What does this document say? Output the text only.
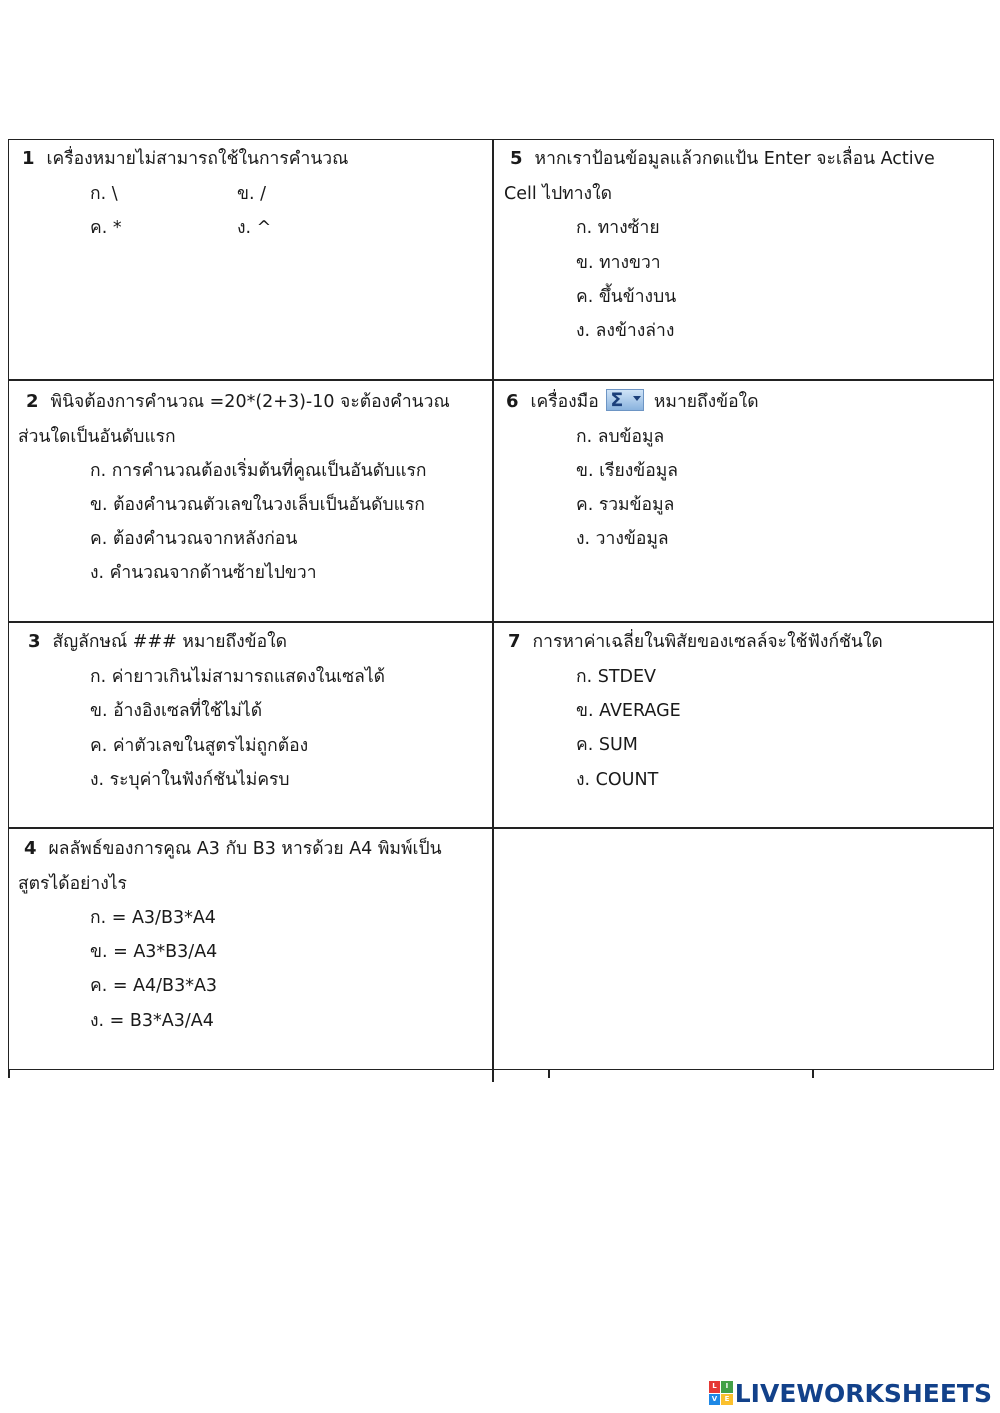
1 เครื่องหมายไม่สามารถใช้ในการคำนวณ
ก. \	ข. /
ค. *	ง. ^
5 หากเราป้อนข้อมูลแล้วกดแป้น Enter จะเลื่อน Active
Cell ไปทางใด
ก. ทางซ้าย
ข. ทางขวา
ค. ขึ้นข้างบน
ง. ลงข้างล่าง
2 พินิจต้องการคำนวณ =20*(2+3)-10 จะต้องคำนวณ
ส่วนใดเป็นอันดับแรก
ก. การคำนวณต้องเริ่มต้นที่คูณเป็นอันดับแรก
ข. ต้องคำนวณตัวเลขในวงเล็บเป็นอันดับแรก
ค. ต้องคำนวณจากหลังก่อน
ง. คำนวณจากด้านซ้ายไปขวา
6 เครื่องมือ Σ หมายถึงข้อใด
ก. ลบข้อมูล
ข. เรียงข้อมูล
ค. รวมข้อมูล
ง. วางข้อมูล
3 สัญลักษณ์ ### หมายถึงข้อใด
ก. ค่ายาวเกินไม่สามารถแสดงในเซลได้
ข. อ้างอิงเซลที่ใช้ไม่ได้
ค. ค่าตัวเลขในสูตรไม่ถูกต้อง
ง. ระบุค่าในฟังก์ชันไม่ครบ
7 การหาค่าเฉลี่ยในพิสัยของเซลล์จะใช้ฟังก์ชันใด
ก. STDEV
ข. AVERAGE
ค. SUM
ง. COUNT
4 ผลลัพธ์ของการคูณ A3 กับ B3 หารด้วย A4 พิมพ์เป็น
สูตรได้อย่างไร
ก. = A3/B3*A4
ข. = A3*B3/A4
ค. = A4/B3*A3
ง. = B3*A3/A4
L	I
V	E LIVEWORKSHEETS
